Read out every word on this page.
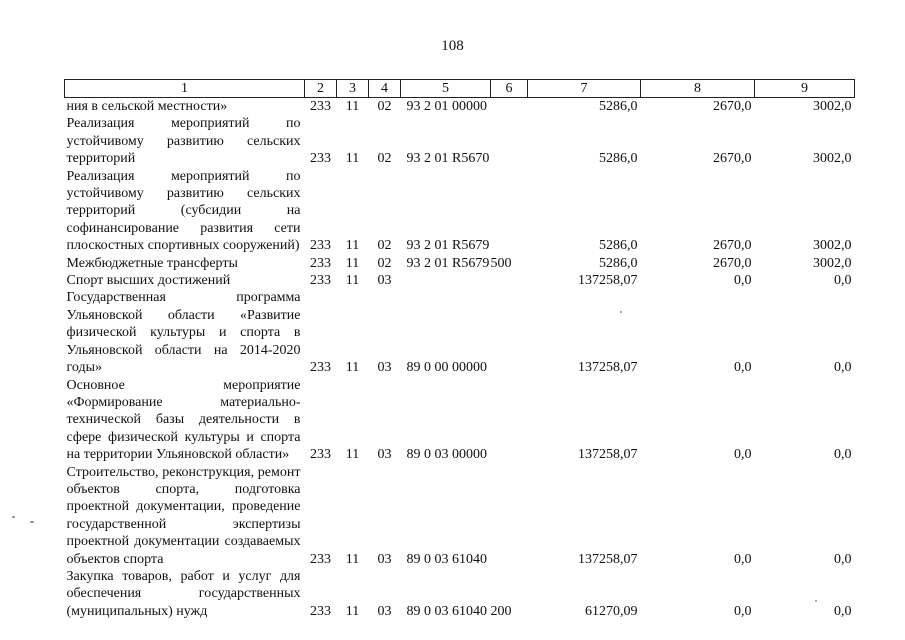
108
1	2	3	4	5	6	7	8	9
ния в сельской местности»	233	11	02	93 2 01 00000		5286,0	2670,0	3002,0
Реализация мероприятий по устойчивому развитию сельских территорий	233	11	02	93 2 01 R5670		5286,0	2670,0	3002,0
Реализация мероприятий по устойчивому развитию сельских территорий (субсидии на софинансирование развития сети плоскостных спортивных сооружений)	233	11	02	93 2 01 R5679		5286,0	2670,0	3002,0
Межбюджетные трансферты	233	11	02	93 2 01 R5679	500	5286,0	2670,0	3002,0
Спорт высших достижений	233	11	03			137258,07	0,0	0,0
Государственная программа Ульяновской области «Развитие физической культуры и спорта в Ульяновской области на 2014-2020 годы»	233	11	03	89 0 00 00000		137258,07	0,0	0,0
Основное мероприятие «Формирование материально-технической базы деятельности в сфере физической культуры и спорта на территории Ульяновской области»	233	11	03	89 0 03 00000		137258,07	0,0	0,0
Строительство, реконструкция, ремонт объектов спорта, подготовка проектной документации, проведение государственной экспертизы проектной документации создаваемых объектов спорта	233	11	03	89 0 03 61040		137258,07	0,0	0,0
Закупка товаров, работ и услуг для обеспечения государственных (муниципальных) нужд	233	11	03	89 0 03 61040	200	61270,09	0,0	0,0
